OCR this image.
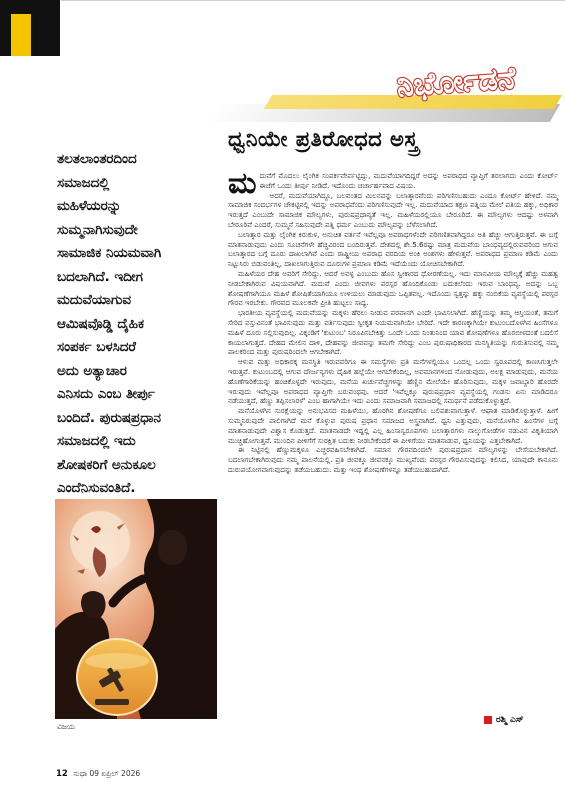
ನಿರ್ಭೋಡನೆ
ಧ್ವನಿಯೇ ಪ್ರತಿರೋಧದ ಅಸ್ತ್ರ
ತಲತಲಾಂತರದಿಂದ
ಸಮಾಜದಲ್ಲಿ
ಮಹಿಳೆಯರನ್ನು
ಸುಮ್ಮನಾಗಿಸುವುದೇ
ಸಾಮಾಜಿಕ ನಿಯಮವಾಗಿ
ಬದಲಾಗಿದೆ. ಇದೀಗ
ಮದುವೆಯಾಗುವ
ಆಮಿಷವೊಡ್ಡಿ ದೈಹಿಕ
ಸಂಪರ್ಕ ಬಳಸಿದರೆ
ಅದು ಅತ್ಯಾಚಾರ
ಎನಿಸದು ಎಂಬ ತೀರ್ಪು
ಬಂದಿದೆ. ಪುರುಷಪ್ರಧಾನ
ಸಮಾಜದಲ್ಲಿ ಇದು
ಶೋಷಕರಿಗೆ ಅನುಕೂಲ
ಎಂದೆನಿಸುವಂತಿದೆ.

ಮದುವೆಗೆ ಮೊದಲು ಲೈಂಗಿಕ ಸಂಪರ್ಕವೇರ್ಪಟ್ಟಿದ್ದು, ಮದುವೆಯಾಗದಿದ್ದರೆ ಅದನ್ನು ಅಪರಾಧದ ವ್ಯಾಪ್ತಿಗೆ ತರಲಾಗದು ಎಂದು ಕೋರ್ಟ್ ಈಚೆಗೆ ಒಂದು ತೀರ್ಪು ನೀಡಿದೆ. ಇದೊಂದು ಚರ್ಚಾರ್ಹವಾದ ವಿಷಯ.

ಆದರೆ, ಮದುವೆಯಾಗಿದ್ದೂ, ಬಲವಂತದ ಮಿಲನವನ್ನು ಬಲಾತ್ಕಾರವೆಂದು ಪರಿಗಣಿಸಬಹುದು ಎಂದೂ ಕೋರ್ಟ್ ಹೇಳಿದೆ. ನಮ್ಮ ಸಾಮಾಜಿಕ ಸಂದರ್ಭಗಳ ಚೌಕಟ್ಟಿನಲ್ಲಿ ಇದನ್ನು ಅಪರಾಧವೆಂದು ಪರಿಗಣಿಸುವುದೇ ಇಲ್ಲ. ಮದುವೆಯಾದ ತಕ್ಷಣ ಪತ್ನಿಯ ಮೇಲೆ ಪತಿಯ ಹಕ್ಕು, ಅಧಿಕಾರ ಇರುತ್ತದೆ ಎಂಬುದೇ ಸಾಮಾಜಿಕ ಮೌಲ್ಯಗಳು, ಪುರುಷಪ್ರಧಾನ್ಯತೆ ಇಲ್ಲ. ಮಹಿಳೆಯರಲ್ಲಿಯೂ ಬೇರೂರಿದೆ. ಈ ಮೌಲ್ಯಗಳು ಆದಷ್ಟು ಅಳವಾಗಿ ಬೇರೂರಿವೆ ಎಂದರೆ, ಸುಮ್ಮನೆ ಸಹಿಸುವುದೇ ಪತ್ನಿ ಧರ್ಮ ಎಂಬುದು ಮೌಲ್ಯವನ್ನು ಬೆಳೆಸಲಾಗಿದೆ.

ಬಲಾತ್ಕಾರ ಮತ್ತು ಲೈಂಗಿಕ ಕಿರುಕುಳ, ಅನುಚಿತ ವರ್ತನೆ ಇವೆಲ್ಲವೂ ಅಪರಾಧಗಳೆಂದೇ ಪರಿಗಣಿತವಾಗಿದ್ದರೂ ಅತಿ ಹೆಚ್ಚು ಆಗುತ್ತಿರುತ್ತವೆ. ಈ ಬಗ್ಗೆ ಮಾತನಾಡುವುದು ಎಂದು ಸೂಚನೆಗಳೇ ಹೆಚ್ಚವಿರಂದ ಬಂದಿರುತ್ತವೆ. ದೇಶದಲ್ಲಿ ಶೇ.5.6ರಷ್ಟು ಮಾತ್ರ ಮದುವೆಯ ಬಾಂಧವ್ಯದಲ್ಲಿರುವವರಿಂದ ಆಗುವ ಬಲಾತ್ಕಾರದ ಬಗ್ಗೆ ದೂರು ದಾಖಲಾಗಿವೆ ಎಂದು ರಾಷ್ಟ್ರೀಯ ಅಪರಾಧ ವರದಿಯ ಅಂಕಿ ಅಂಶಗಳು ಹೇಳುತ್ತವೆ. ಅಪರಾಧದ ಪ್ರಮಾಣ ಕಡಿಮೆ ಎಂದು ನಿಟ್ಟುಸಿರು ಬಿಡುವಂತಿಲ್ಲ, ದಾಖಲಾಗುತ್ತಿರುವ ದೂರುಗಳ ಪ್ರಮಾಣ ಕಡಿಮೆ ಇದೆಯೆಂದು ಯೋಚಿಸಬೇಕಾಗಿದೆ.

ಮಹಿಳೆಯರ ದೇಹ ಅವರಿಗೆ ಸೇರಿದ್ದು. ಆದರೆ ಅವಳ್ಳ ಎಂಬುದು ಹೊಸ ಸ್ವೀಕಾರದ ಧೋರಣೆಯಲ್ಲ. ಇದು ಮಾನವೀಯ ಮೌಲ್ಯಕ್ಕೆ ಹೆಚ್ಚು ಮಹತ್ವ ನೀಡಬೇಕಾಗಿರುವ ವಿಷಯವಾಗಿದೆ. ಮದುವೆ ಎಂದು ಜೀವಗಳು ಪರಸ್ಪರ ಹೊಂದಿಕೊಂಡು ಬದುಕಲೆಂದು ಇರುವ ಬಾಂಧವ್ಯ. ಅದನ್ನು ಒಬ್ಬ ಶೋಷಣೆಗಾಗಿಯೂ ಮಹಿಳೆ ಶೋಷಿತೆಯಾಗಿಯೂ ಉಳಿಯಲು ಮಾಡುವುದು ಒಪ್ಪಿತವಲ್ಲ. ಇದೊಂದು ಸ್ವತ್ತನ್ನು ಹಕ್ಕು ನಂಬಿಕೆಯ ವ್ಯವಸ್ಥೆಯಲ್ಲಿ ಪರಸ್ಪರ ಗೌರವ ಇರಬೇಕು. ಗೌರವದ ಮೂಲಕವೇ ಪ್ರೀತಿ ಹುಟ್ಟಲು ಸಾಧ್ಯ.

ಭಾರತೀಯ ವ್ಯವಸ್ಥೆಯಲ್ಲಿ ಮದುವೆಯನ್ನು ಮಕ್ಕಳು ಹೆರಲು ನೀಡುವ ಪರವಾನಗಿ ಎಂದೇ ಭಾವಿಸಲಾಗಿದೆ. ಹೆಣ್ಣಿಯನ್ನು ತಮ್ಮ ಆಸ್ತಿಯಂತೆ, ತಮಗೆ ಸೇರಿದ ವಸ್ತುವಿನಂತೆ ಭಾವಿಸುವುದು ಮತ್ತು ವರ್ತಿಸುವುದು ಸ್ವೀಕೃತ ನಿಯಮವಾಗಿಯೇ ಬೇರಿದೆ. ಇದೇ ಕಾರಣಕ್ಕಾಗಿಯೇ ಕುಟುಂಬದೊಳಗಿನ ಹಿಂಸೆಗಳೂ ಮಹಿಳೆ ದೂರು ಸಲ್ಲಿಸುವುದಿಲ್ಲ. ವಿಕ್ಕಂಡಿಗೆ 'ಕುಟುಂಬ' ನಿರೂಪಿಸಬೇಕಿತ್ತು ಒಂದೇ ಒಂದು ನಿಂತುನಿಂದ ಯಾವ ಶೋಷಣೆಗಳೂ ಹೊರಬೀಳದಂತೆ ಬದಲಿಸೆ ಕಾಯಲಾಗುತ್ತದೆ. ದೇಹದ ಮೇಲಿನ ದಾಳಿ, ದೇಹವನ್ನು ಜೀವವನ್ನು ತಮಗೇ ಸೇರಿದ್ದು ಎಂಬ ಪುರುಷಾಧಿಕಾರದ ಮನಸ್ಥಿತಿಯನ್ನು ಗುರುತಿಸುವಲ್ಲಿ ನಮ್ಮ ಪಾಲಕರಿಂದ ಮತ್ತು ಪುರುಷರಿಂದಲೇ ಆಗಬೇಕಾಗಿದೆ.

ಆಳುವ ಮತ್ತು ಅಧಿಕಾರಕ್ಕ ಮನಸ್ಥಿತಿ ಇರುವವರಿಗೂ ಈ ಸಮಸ್ಯೆಗಳು ಪ್ರತಿ ಮನೆಗಳಲ್ಲಿಯೂ ಒಂದಲ್ಲ ಒಂದು ಸ್ವರೂಪದಲ್ಲಿ ಕಾಣಸಿಗುತ್ತಲೇ ಇರುತ್ತವೆ. ಕುಟುಂಬದಲ್ಲಿ ಆಗುವ ದೌರ್ಜನ್ಯಗಳು ದೈಹಿಕ ಹಲ್ಲೆಯೇ ಆಗಬೇಕೆಂದಿಲ್ಲ, ಅವಮಾನಗಳಿಂದ ನೋಡುವುದು, ಅಲಕ್ಷ ಮಾಡುವುದು, ಮನೆಯ ಹೊಣೆಗಾರಿಕೆಯನ್ನು ಹಂಚಿಕೊಳ್ಳದೇ ಇರುವುದು, ಮನೆಯ ಖರ್ಚುವೆಚ್ಚಗಳನ್ನು ಹೆಣ್ಣಿನ ಮೇಲೆಯೇ ಹೊರಿಸುವುದು, ಮಕ್ಕಳ ಜವಾಬ್ದಾರಿ ಹೊರದೇ ಇರುವುದು ಇವೆಲ್ಲವೂ ಅಪರಾಧದ ವ್ಯಾಪ್ತಿಗೇ ಬರುವಂಥವು. ಆದರೆ 'ಇವೆಲ್ಲಕ್ಕೂ ಪುರುಷಪ್ರಧಾನ ವ್ಯವಸ್ಥೆಯಲ್ಲಿ ಗಂಡಸು ಏನು ಮಾಡಿದರೂ ನಡೆಯುತ್ತದೆ, ಹೆಣ್ಣು ತಪ್ಪಿಸಲಾರಳೆ' ಎಂಬ ಹಾಗಾಗಿಯೇ ಇದು ಎಂದು ಸಮಾಜವಾಗಿ ಸಮಾಜದಲ್ಲಿ ಸಮರ್ಥನೆ ಪಡೆದುಕೊಳ್ಳುತ್ತದೆ.

ಮನೆಯೊಳಗಿನ ಸುರಕ್ಷೆಯನ್ನು ಅನುಭವಿಸದ ಮಹಿಳೆಯು, ಹೊರಗಿನ ಶೋಷಣೆಗೂ ಬಲಿಪಶುವಾಗುತ್ತಾಳೆ. ಆಘಾತ ಮಾಡಿಕೊಳ್ಳುತ್ತಾಳೆ. ಹೀಗೆ ಸುಮ್ಮನಿರುವುದೇ ಪಾಲಿಗಾಗಿದೆ ಮನೆ ಕೊಳ್ಳುವ ಪುರುಷ ಪ್ರಧಾನ ಸಮಾಜದ ಅಸ್ತ್ರವಾಗಿದೆ. ಧ್ವನಿ ಎತ್ತುವುದು, ಮನೆಯೊಳಗಿನ ಹಿಂಸೆಗಳ ಬಗ್ಗೆ ಮಾತನಾಡುವುದೇ ವಿಶ್ವಾಸ ಕೊಡುತ್ತದೆ. ಮಾತನಾಡದೇ ಇದ್ದಲ್ಲಿ ಎಲ್ಲ ಹಿಂಸಾಸ್ವರೂಪಗಳು ಬಲಾತ್ಕಾರಗಳು ನಾಲ್ಕುಗೋಡೆಗಳ ನಡುವಿನ ವಿಕೃತಿಯಾಗಿ ಮುಚ್ಚಿಹೋಗುತ್ತವೆ. ಮುಂದಿನ ಪೀಳಿಗೆಗೆ ಸುರಕ್ಷಿತ ಬದುಕು ನೀಡಬೇಕೆಂದರೆ ಈ ಪೀಳಿಗೆಯು ಮಾತನಾಡುವ, ಧ್ವನಿಯನ್ನು ಎತ್ತಬೇಕಾಗಿದೆ.

ಈ ನಿಟ್ಟಿನಲ್ಲಿ ಹೆಣ್ಣುಮಕ್ಕಳೂ ಎಚ್ಚರವಹಿಸಬೇಕಾಗಿದೆ. ಸಮಾನ ಗೌರವದಿಂದಲೇ ಪುರುಷಪ್ರಧಾನ ಮೌಲ್ಯಗಳನ್ನು ಬೇಸೆಯಬೇಕಾಗಿದೆ. ಬದಲಾಗಬೇಕಾಗಿರುವುದು ನಮ್ಮ ಪಾಲನೆಯಲ್ಲಿ. ಪ್ರತಿ ಜೀವಕ್ಕೂ ಜೀವನಕ್ಕೂ ಮುಖ್ಯವೆಂದು ಪರಸ್ಪರ ಗೌರವಿಸುವುದನ್ನು ಕಲಿಸಿದ, ಯಾವುದೇ ಕಾನೂನು ದುರುಪಯೋಗವಾಗುವುದನ್ನು ತಡೆಯಬಹುದು. ಮತ್ತು ಇಂಥ ಶೋಷಣೆಗಳನ್ನೂ ತಡೆಯಬಹುದಾಗಿದೆ.

ವಿಜಯ
ರಶ್ಮಿ ಎಸ್
12 ಸುಧಾ 09 ಏಪ್ರಿಲ್ 2026
